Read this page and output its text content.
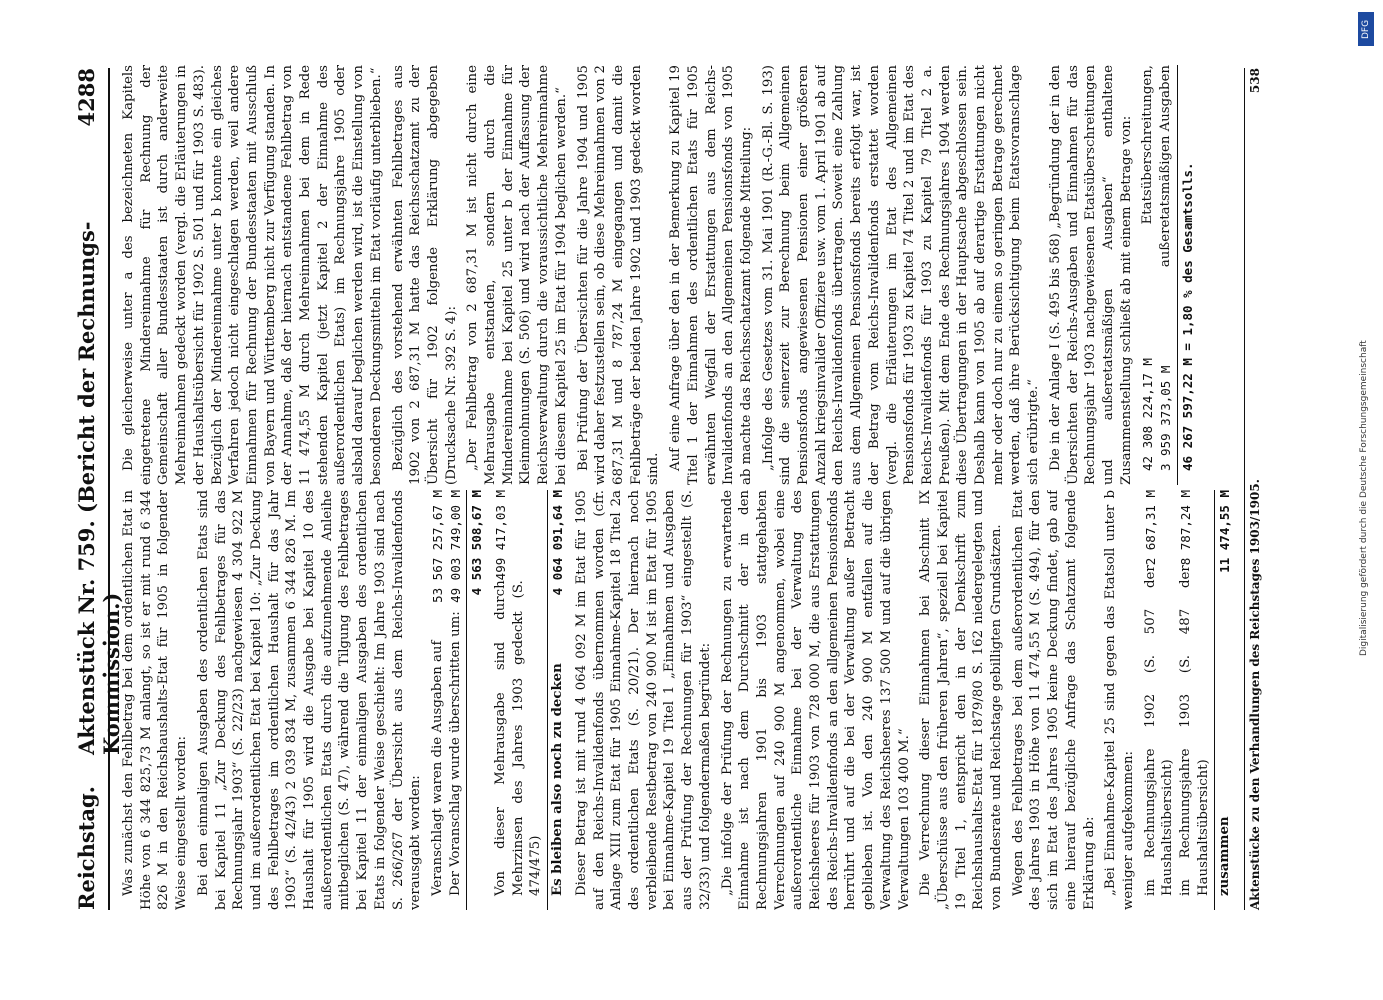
Reichstag.
Aktenstück Nr. 759. (Bericht der Rechnungs-Kommission.)
4288

Was zunächst den Fehlbetrag bei dem ordentlichen Etat in Höhe von 6 344 825,73 M anlangt, so ist er mit rund 6 344 826 M in den Reichshaushalts-Etat für 1905 in folgender Weise eingestellt worden: Bei den einmaligen Ausgaben des ordentlichen Etats sind bei Kapitel 11 „Zur Deckung des Fehlbetrages für das Rechnungsjahr 1903“ (S. 22/23) nachgewiesen 4 304 922 M und im außerordentlichen Etat bei Kapitel 10: „Zur Deckung des Fehlbetrages im ordentlichen Haushalt für das Jahr 1903“ (S. 42/43) 2 039 834 M, zusammen 6 344 826 M. Im Haushalt für 1905 wird die Ausgabe bei Kapitel 10 des außerordentlichen Etats durch die aufzunehmende Anleihe mitbeglichen (S. 47), während die Tilgung des Fehlbetrages bei Kapitel 11 der einmaligen Ausgaben des ordentlichen Etats in folgender Weise geschieht: Im Jahre 1903 sind nach S. 266/267 der Übersicht aus dem Reichs-Invalidenfonds verausgabt worden: Veranschlagt waren die Ausgaben auf
53 567 257,67 M
Der Voranschlag wurde überschritten um:
49 003 749,00 M 4 563 508,67 M
Von dieser Mehrausgabe sind durch Mehrzinsen des Jahres 1903 gedeckt (S. 474/475)
499 417,03 M
Es bleiben also noch zu decken
4 064 091,64 M Dieser Betrag ist mit rund 4 064 092 M im Etat für 1905 auf den Reichs-Invalidenfonds übernommen worden (cfr. Anlage XIII zum Etat für 1905 Einnahme-Kapitel 18 Titel 2a des ordentlichen Etats (S. 20/21). Der hiernach noch verbleibende Restbetrag von 240 900 M ist im Etat für 1905 bei Einnahme-Kapitel 19 Titel 1 „Einnahmen und Ausgaben aus der Prüfung der Rechnungen für 1903“ eingestellt (S. 32/33) und folgendermaßen begründet: „Die infolge der Prüfung der Rechnungen zu erwartende Einnahme ist nach dem Durchschnitt der in den Rechnungsjahren 1901 bis 1903 stattgehabten Verrechnungen auf 240 900 M angenommen, wobei eine außerordentliche Einnahme bei der Verwaltung des Reichsheeres für 1903 von 728 000 M, die aus Erstattungen des Reichs-Invalidenfonds an den allgemeinen Pensionsfonds herrührt und auf die bei der Verwaltung außer Betracht geblieben ist. Von den 240 900 M entfallen auf die Verwaltung des Reichsheeres 137 500 M und auf die übrigen Verwaltungen 103 400 M.“ Die Verrechnung dieser Einnahmen bei Abschnitt IX „Überschüsse aus den früheren Jahren“, speziell bei Kapitel 19 Titel 1, entspricht den in der Denkschrift zum Reichshaushalts-Etat für 1879/80 S. 162 niedergelegten und von Bundesrate und Reichstage gebilligten Grundsätzen. Wegen des Fehlbetrages bei dem außerordentlichen Etat des Jahres 1903 in Höhe von 11 474,55 M (S. 494), für den sich im Etat des Jahres 1905 keine Deckung findet, gab auf eine hierauf bezügliche Anfrage das Schatzamt folgende Erklärung ab: „Bei Einnahme-Kapitel 25 sind gegen das Etatsoll unter b weniger aufgekommen: im Rechnungsjahre 1902 (S. 507 der Haushaltsübersicht)
2 687,31 M
im Rechnungsjahre 1903 (S. 487 der Haushaltsübersicht)
8 787,24 M
zusammen
11 474,55 M

Die gleicherweise unter a des bezeichneten Kapitels eingetretene Mindereinnahme für Rechnung der Gemeinschaft aller Bundesstaaten ist durch anderweite Mehreinnahmen gedeckt worden (vergl. die Erläuterungen in der Haushaltsübersicht für 1902 S. 501 und für 1903 S. 483). Bezüglich der Mindereinnahme unter b konnte ein gleiches Verfahren jedoch nicht eingeschlagen werden, weil andere Einnahmen für Rechnung der Bundesstaaten mit Ausschluß von Bayern und Württemberg nicht zur Verfügung standen. In der Annahme, daß der hiernach entstandene Fehlbetrag von 11 474,55 M durch Mehreinnahmen bei dem in Rede stehenden Kapitel (jetzt Kapitel 2 der Einnahme des außerordentlichen Etats) im Rechnungsjahre 1905 oder alsbald darauf beglichen werden wird, ist die Einstellung von besonderen Deckungsmitteln im Etat vorläufig unterblieben.“ Bezüglich des vorstehend erwähnten Fehlbetrages aus 1902 von 2 687,31 M hatte das Reichsschatzamt zu der Übersicht für 1902 folgende Erklärung abgegeben (Drucksache Nr. 392 S. 4): „Der Fehlbetrag von 2 687,31 M ist nicht durch eine Mehrausgabe entstanden, sondern durch die Mindereinnahme bei Kapitel 25 unter b der Einnahme für Kleinmohnungen (S. 506) und wird nach der Auffassung der Reichsverwaltung durch die voraussichtliche Mehreinnahme bei diesem Kapitel 25 im Etat für 1904 beglichen werden.“ Bei Prüfung der Übersichten für die Jahre 1904 und 1905 wird daher festzustellen sein, ob diese Mehreinnahmen von 2 687,31 M und 8 787,24 M eingegangen und damit die Fehlbeträge der beiden Jahre 1902 und 1903 gedeckt worden sind. Auf eine Anfrage über den in der Bemerkung zu Kapitel 19 Titel 1 der Einnahmen des ordentlichen Etats für 1905 erwähnten Wegfall der Erstattungen aus dem Reichs-Invalidenfonds an den Allgemeinen Pensionsfonds von 1905 ab machte das Reichsschatzamt folgende Mitteilung: „Infolge des Gesetzes vom 31. Mai 1901 (R.-G.-Bl. S. 193) sind die seinerzeit zur Berechnung beim Allgemeinen Pensionsfonds angewiesenen Pensionen einer größeren Anzahl kriegsinvalider Offiziere usw. vom 1. April 1901 ab auf den Reichs-Invalidenfonds übertragen. Soweit eine Zahlung aus dem Allgemeinen Pensionsfonds bereits erfolgt war, ist der Betrag vom Reichs-Invalidenfonds erstattet worden (vergl. die Erläuterungen im Etat des Allgemeinen Pensionsfonds für 1903 zu Kapitel 74 Titel 2 und im Etat des Reichs-Invalidenfonds für 1903 zu Kapitel 79 Titel 2 a. Preußen). Mit dem Ende des Rechnungsjahres 1904 werden diese Übertragungen in der Hauptsache abgeschlossen sein. Deshalb kann von 1905 ab auf derartige Erstattungen nicht mehr oder doch nur zu einem so geringen Betrage gerechnet werden, daß ihre Berücksichtigung beim Etatsvoranschlage sich erübrigte.“ Die in der Anlage I (S. 495 bis 568) „Begründung der in den Übersichten der Reichs-Ausgaben und Einnahmen für das Rechnungsjahr 1903 nachgewiesenen Etatsüberschreitungen und außeretatsmäßigen Ausgaben“ enthaltene Zusammenstellung schließt ab mit einem Betrage von: 42 308 224,17 M
Etatsüberschreitungen,
3 959 373,05 M
außeretatsmäßigen Ausgaben 46 267 597,22 M = 1,80 % des Gesamtsolls.
Aktenstücke zu den Verhandlungen des Reichstages 1903/1905.
538
DFG
Digitalisierung gefördert durch die Deutsche Forschungsgemeinschaft
